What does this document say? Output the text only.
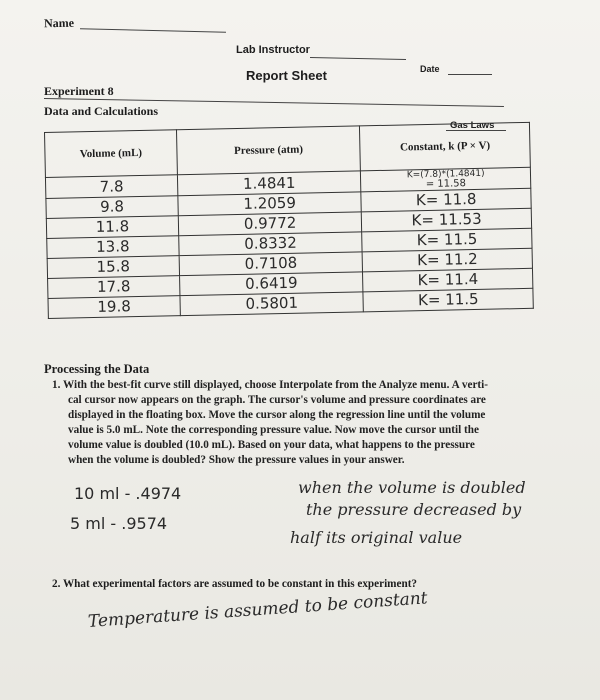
Name
Lab Instructor
Date
Report Sheet
Experiment 8
Data and Calculations
Gas Laws
Volume (mL)	Pressure (atm)	Constant, k (P × V)
7.8	1.4841	K=(7.8)*(1.4841)
= 11.58

9.8	1.2059	K= 11.8
11.8	0.9772	K= 11.53
13.8	0.8332	K= 11.5
15.8	0.7108	K= 11.2
17.8	0.6419	K= 11.4
19.8	0.5801	K= 11.5
Processing the Data
1. With the best-fit curve still displayed, choose Interpolate from the Analyze menu. A verti-
cal cursor now appears on the graph. The cursor's volume and pressure coordinates are
displayed in the floating box. Move the cursor along the regression line until the volume
value is 5.0 mL. Note the corresponding pressure value. Now move the cursor until the
volume value is doubled (10.0 mL). Based on your data, what happens to the pressure
when the volume is doubled? Show the pressure values in your answer.
10 ml - .4974
5 ml - .9574
when the volume is doubled
the pressure decreased by
half its original value
2. What experimental factors are assumed to be constant in this experiment?
Temperature is assumed to be constant
